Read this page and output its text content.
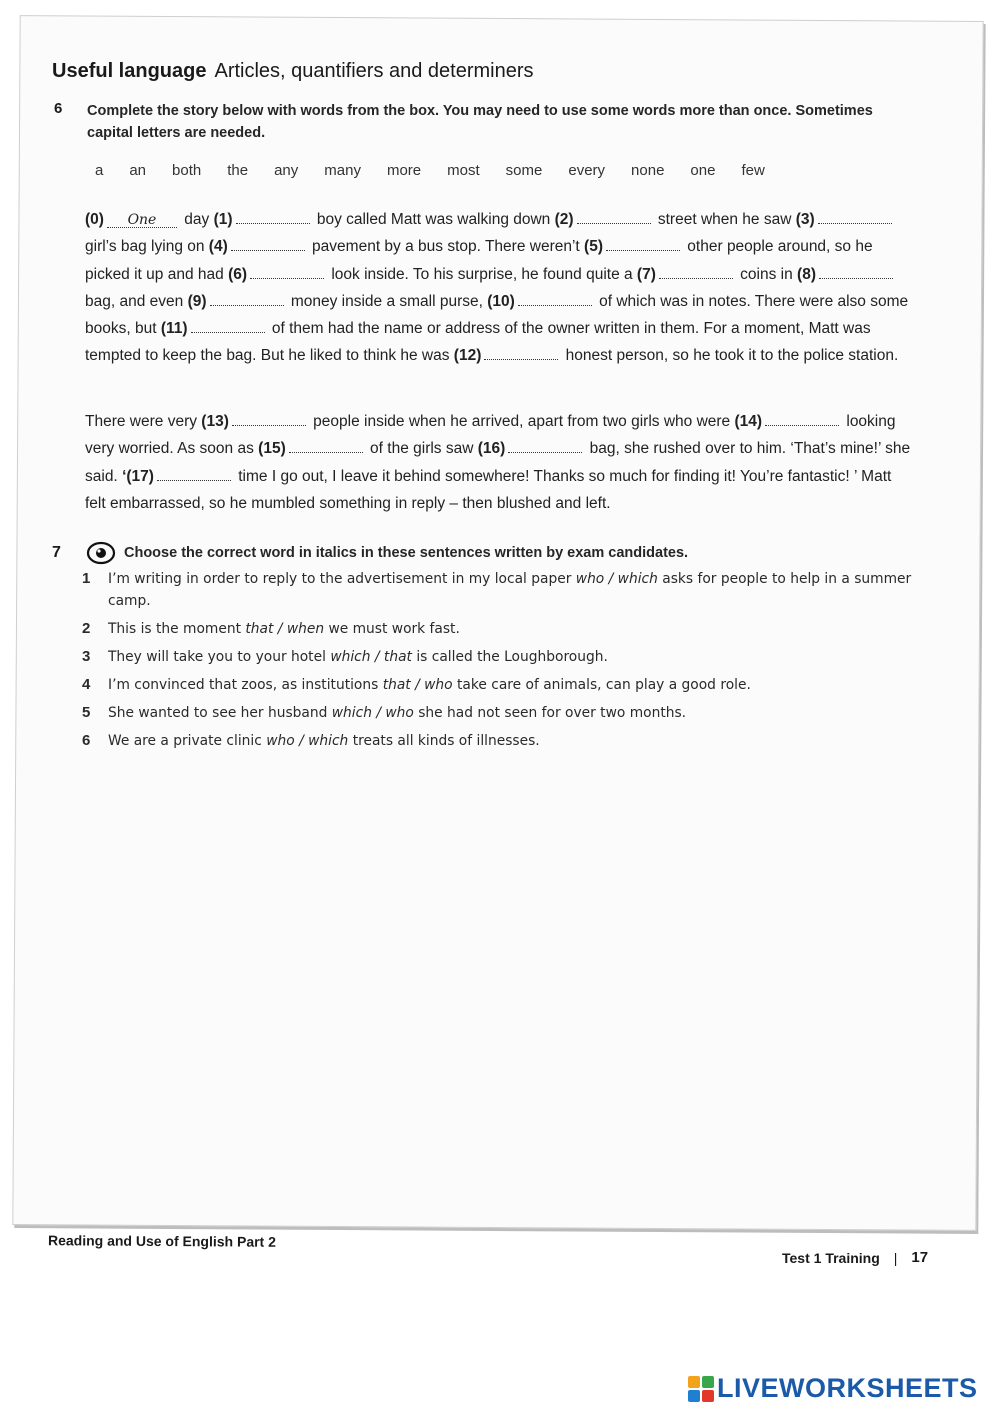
Useful language Articles, quantifiers and determiners
6 Complete the story below with words from the box. You may need to use some words more than once. Sometimes capital letters are needed.
a an both the any many more most some every none one few

(0) One day (1)	boy called Matt was walking down (2)	street when he saw (3) girl’s bag lying on (4)	pavement by a bus stop. There weren’t (5)	other people around, so he picked it up and had (6)	look inside. To his surprise, he found quite a (7)	coins in (8) bag, and even (9)	money inside a small purse, (10)	of which was in notes. There were also some books, but (11)	of them had the name or address of the owner written in them. For a moment, Matt was tempted to keep the bag. But he liked to think he was (12)	honest person, so he took it to the police station.

There were very (13)	people inside when he arrived, apart from two girls who were (14)	looking very worried. As soon as (15)	of the girls saw (16)	bag, she rushed over to him. ‘That’s mine!’ she said. ‘(17)	time I go out, I leave it behind somewhere! Thanks so much for finding it! You’re fantastic! ’ Matt felt embarrassed, so he mumbled something in reply – then blushed and left.

7	Choose the correct word in italics in these sentences written by exam candidates.
1	I’m writing in order to reply to the advertisement in my local paper who / which asks for people to help in a summer camp.
2	This is the moment that / when we must work fast.
3	They will take you to your hotel which / that is called the Loughborough.
4	I’m convinced that zoos, as institutions that / who take care of animals, can play a good role.
5	She wanted to see her husband which / who she had not seen for over two months.
6	We are a private clinic who / which treats all kinds of illnesses.
Reading and Use of English Part 2
Test 1 Training | 17
LIVEWORKSHEETS
